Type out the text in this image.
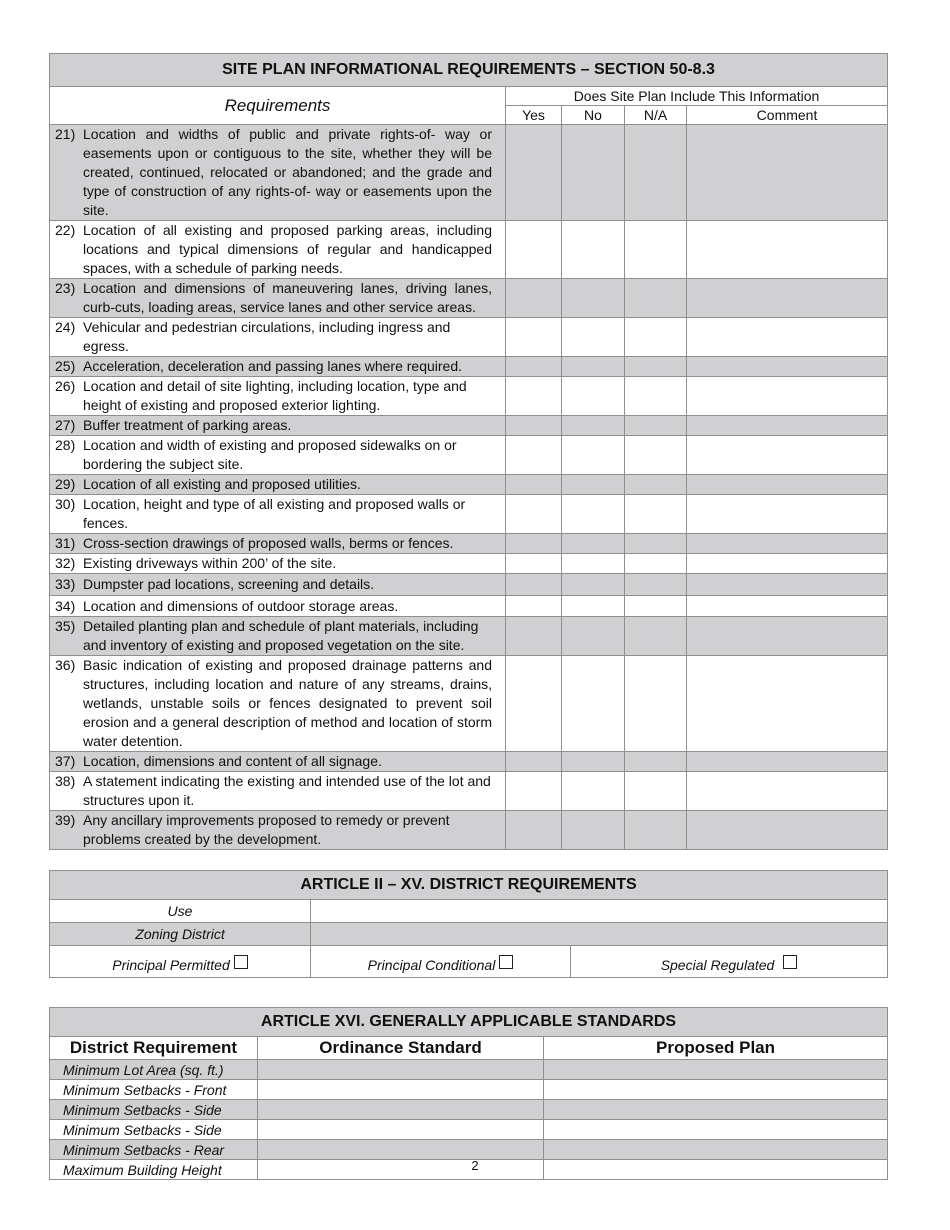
SITE PLAN INFORMATIONAL REQUIREMENTS – SECTION 50-8.3				
Requirements	Does Site Plan Include This Information			
	Yes	No	N/A	Comment
21)	Location and widths of public and private rights-of- way or easements upon or contiguous to the site, whether they will be created, continued, relocated or abandoned; and the grade and type of construction of any rights-of- way or easements upon the site.				
22)	Location of all existing and proposed parking areas, including locations and typical dimensions of regular and handicapped spaces, with a schedule of parking needs.				
23)	Location and dimensions of maneuvering lanes, driving lanes, curb-cuts, loading areas, service lanes and other service areas.				
24)	Vehicular and pedestrian circulations, including ingress and egress.				
25)	Acceleration, deceleration and passing lanes where required.				
26)	Location and detail of site lighting, including location, type and height of existing and proposed exterior lighting.				
27)	Buffer treatment of parking areas.				
28)	Location and width of existing and proposed sidewalks on or bordering the subject site.				
29)	Location of all existing and proposed utilities.				
30)	Location, height and type of all existing and proposed walls or fences.				
31)	Cross-section drawings of proposed walls, berms or fences.				
32)	Existing driveways within 200’ of the site.				
33)	Dumpster pad locations, screening and details.				
34)	Location and dimensions of outdoor storage areas.				
35)	Detailed planting plan and schedule of plant materials, including and inventory of existing and proposed vegetation on the site.				
36)	Basic indication of existing and proposed drainage patterns and structures, including location and nature of any streams, drains, wetlands, unstable soils or fences designated to prevent soil erosion and a general description of method and location of storm water detention.				
37)	Location, dimensions and content of all signage.				
38)	A statement indicating the existing and intended use of the lot and structures upon it.				
39)	Any ancillary improvements proposed to remedy or prevent problems created by the development.				
ARTICLE II – XV. DISTRICT REQUIREMENTS		
Use		
Zoning District		
Principal Permitted	Principal Conditional	Special Regulated
ARTICLE XVI. GENERALLY APPLICABLE STANDARDS		
District Requirement	Ordinance Standard	Proposed Plan
Minimum Lot Area (sq. ft.)		
Minimum Setbacks - Front		
Minimum Setbacks - Side		
Minimum Setbacks - Side		
Minimum Setbacks - Rear		
Maximum Building Height			2
